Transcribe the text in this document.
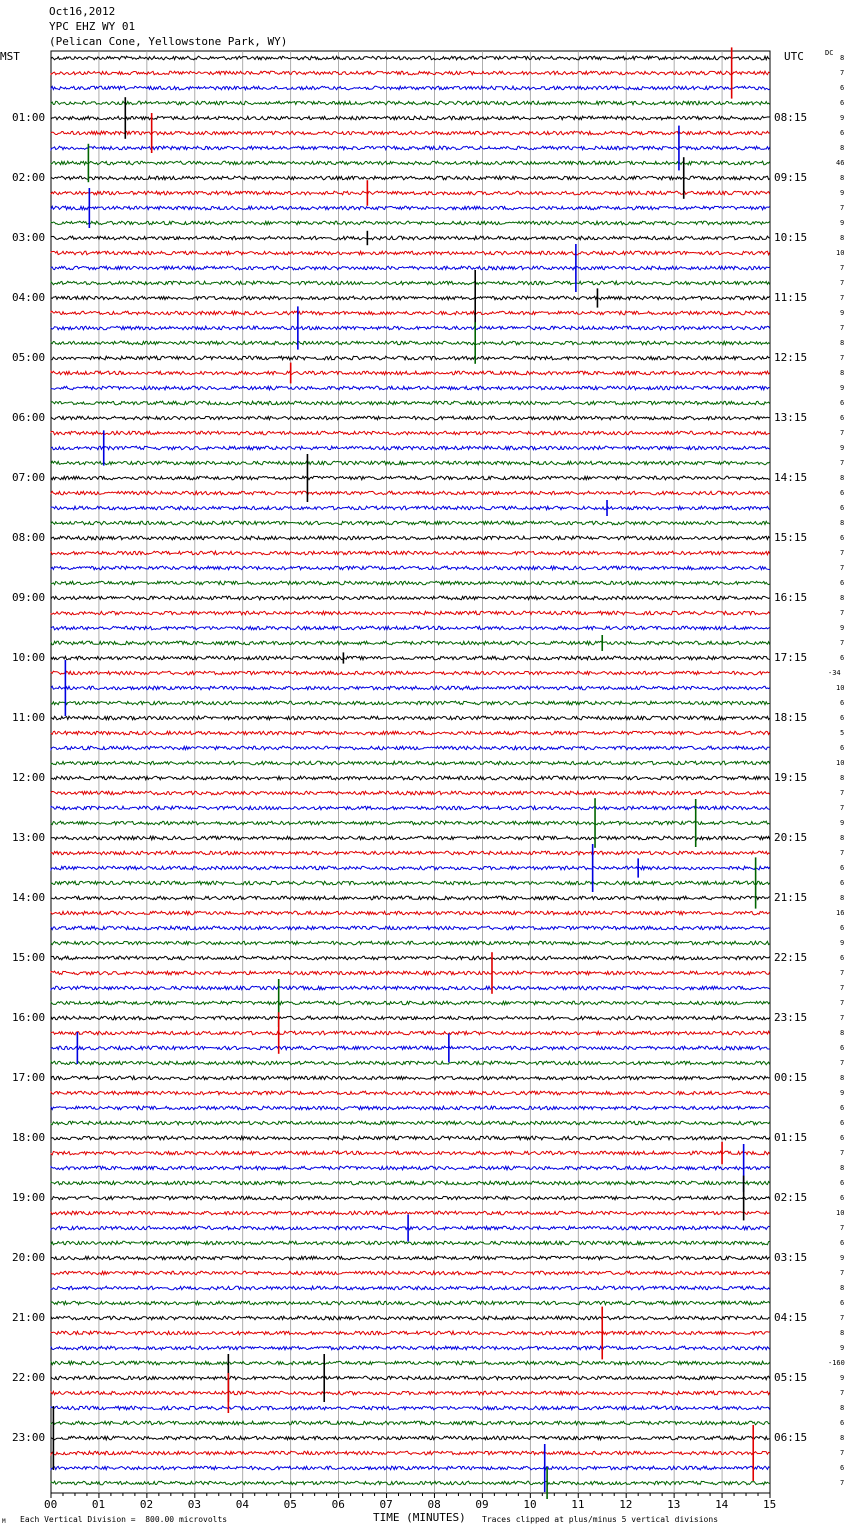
Oct16,2012
YPC EHZ WY 01
(Pelican Cone, Yellowstone Park, WY)
MST	UTC	DC
01:00
02:00
03:00
04:00
05:00
06:00
07:00
08:00
09:00
10:00
11:00
12:00
13:00
14:00
15:00
16:00
17:00
18:00
19:00
20:00
21:00
22:00
23:00
08:15
09:15
10:15
11:15
12:15
13:15
14:15
15:15
16:15
17:15
18:15
19:15
20:15
21:15
22:15
23:15
00:15
01:15
02:15
03:15
04:15
05:15
06:15
8
7
6
6
9
6
8
46
8
9
7
9
8
10
7
7
7
9
7
8
7
8
9
6
6
7
9
7
8
6
6
8
6
7
7
6
8
7
9
7
6
-34
10
6
6
5
6
10
8
7
7
9
8
7
6
6
8
16
6
9
6
7
7
7
7
8
6
7
8
9
6
6
6
7
8
6
6
10
7
6
9
7
8
6
7
8
9
-160
9
7
8
6
8
7
6
7
00	01	02	03	04	05	06	07	08	09	10	11	12	13	14	15
Each Vertical Division =  800.00 microvolts	TIME (MINUTES) Traces clipped at plus/minus 5 vertical divisions
M
